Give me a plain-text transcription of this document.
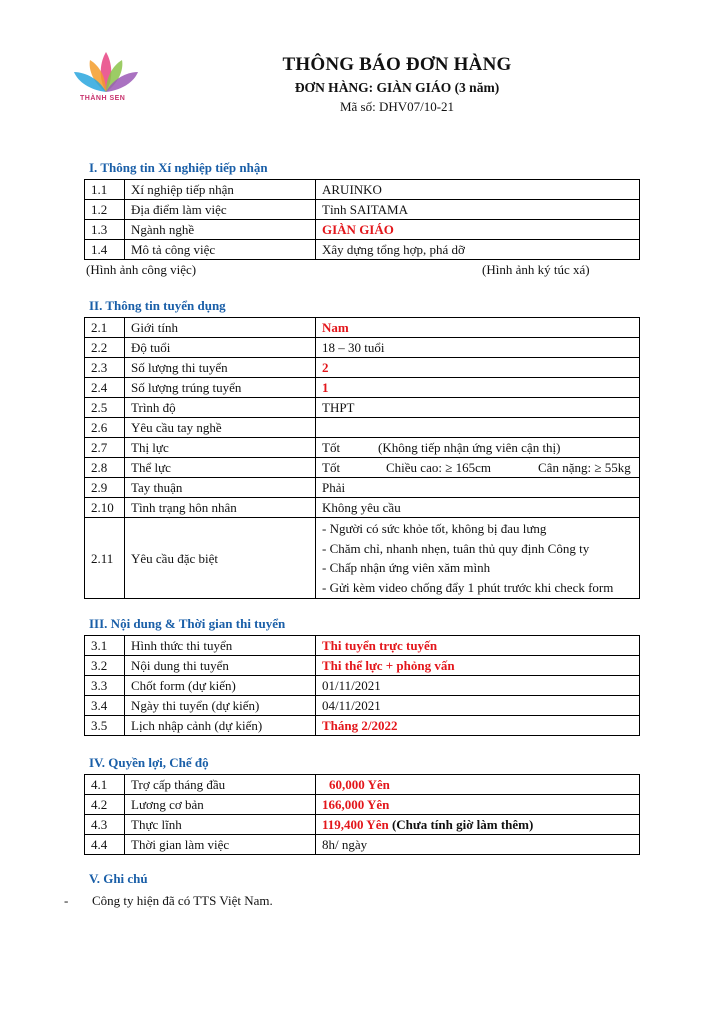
THÀNH SEN
THÔNG BÁO ĐƠN HÀNG
ĐƠN HÀNG: GIÀN GIÁO (3 năm)
Mã số: DHV07/10-21
I. Thông tin Xí nghiệp tiếp nhận
1.1	Xí nghiệp tiếp nhận	ARUINKO
1.2	Địa điểm làm việc	Tỉnh SAITAMA
1.3	Ngành nghề	GIÀN GIÁO
1.4	Mô tả công việc	Xây dựng tổng hợp, phá dỡ
(Hình ảnh công việc)	(Hình ảnh ký túc xá)
II. Thông tin tuyển dụng
2.1	Giới tính	Nam
2.2	Độ tuổi	18 – 30 tuổi
2.3	Số lượng thi tuyển	2
2.4	Số lượng trúng tuyển	1
2.5	Trình độ	THPT
2.6	Yêu cầu tay nghề	
2.7	Thị lực	Tốt (Không tiếp nhận ứng viên cận thị)
2.8	Thể lực	Tốt Chiều cao: ≥ 165cm Cân nặng: ≥ 55kg
2.9	Tay thuận	Phải
2.10	Tình trạng hôn nhân	Không yêu cầu
2.11	Yêu cầu đặc biệt	- Người có sức khỏe tốt, không bị đau lưng
- Chăm chỉ, nhanh nhẹn, tuân thủ quy định Công ty
- Chấp nhận ứng viên xăm mình
- Gửi kèm video chống đẩy 1 phút trước khi check form
III. Nội dung & Thời gian thi tuyển
3.1	Hình thức thi tuyển	Thi tuyển trực tuyến
3.2	Nội dung thi tuyển	Thi thể lực + phỏng vấn
3.3	Chốt form (dự kiến)	01/11/2021
3.4	Ngày thi tuyển (dự kiến)	04/11/2021
3.5	Lịch nhập cảnh (dự kiến)	Tháng 2/2022
IV. Quyền lợi, Chế độ
4.1	Trợ cấp tháng đầu	60,000 Yên
4.2	Lương cơ bản	166,000 Yên
4.3	Thực lĩnh	119,400 Yên (Chưa tính giờ làm thêm)
4.4	Thời gian làm việc	8h/ ngày
V. Ghi chú
- Công ty hiện đã có TTS Việt Nam.
